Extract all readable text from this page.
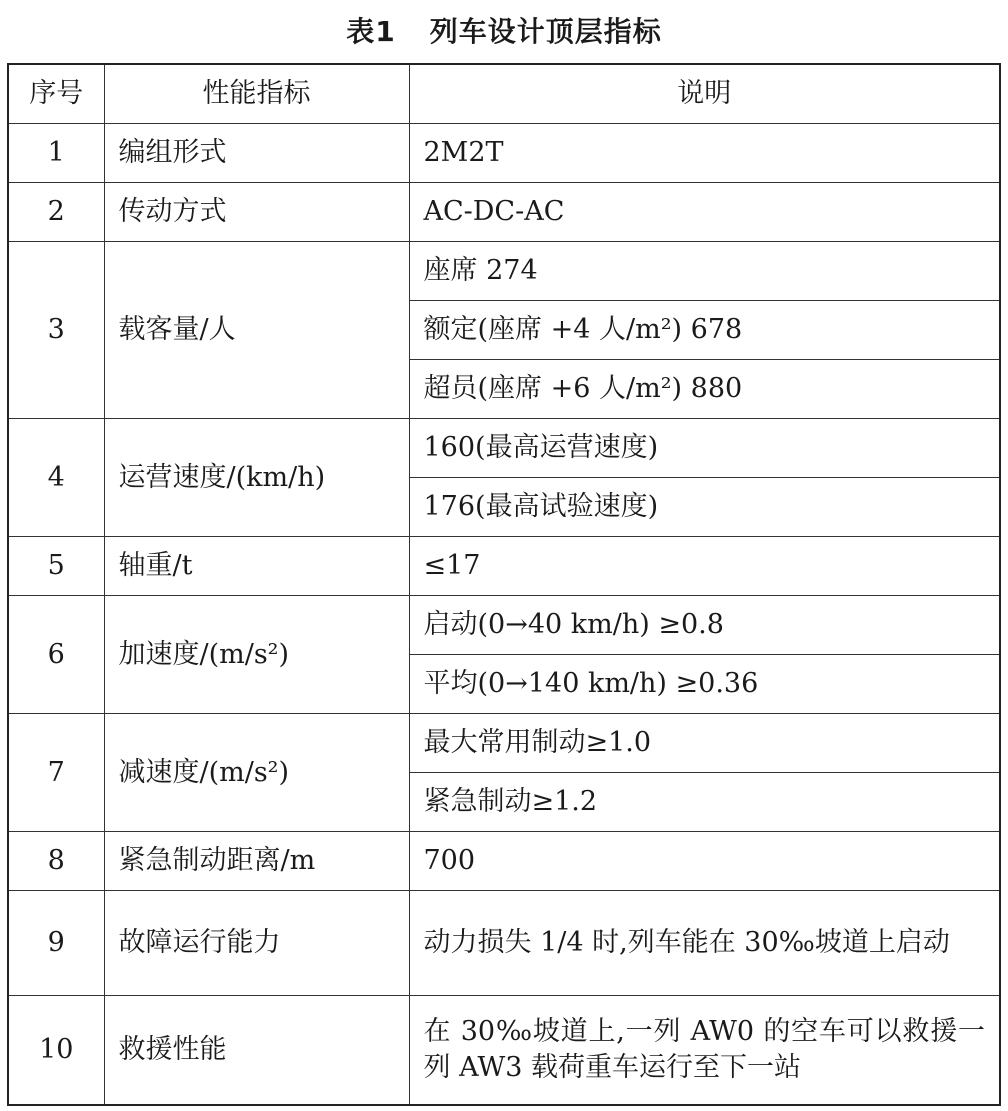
表1 列车设计顶层指标
序号	性能指标	说明
1	编组形式	2M2T
2	传动方式	AC-DC-AC
3	载客量/人	座席 274
		额定(座席 +4 人/m²) 678
		超员(座席 +6 人/m²) 880
4	运营速度/(km/h)	160(最高运营速度)
		176(最高试验速度)
5	轴重/t	≤17
6	加速度/(m/s²)	启动(0→40 km/h) ≥0.8
		平均(0→140 km/h) ≥0.36
7	减速度/(m/s²)	最大常用制动≥1.0
		紧急制动≥1.2
8	紧急制动距离/m	700
9	故障运行能力	动力损失 1/4 时,列车能在 30‰坡道上启动
10	救援性能	在 30‰坡道上,一列 AW0 的空车可以救援一列 AW3 载荷重车运行至下一站
